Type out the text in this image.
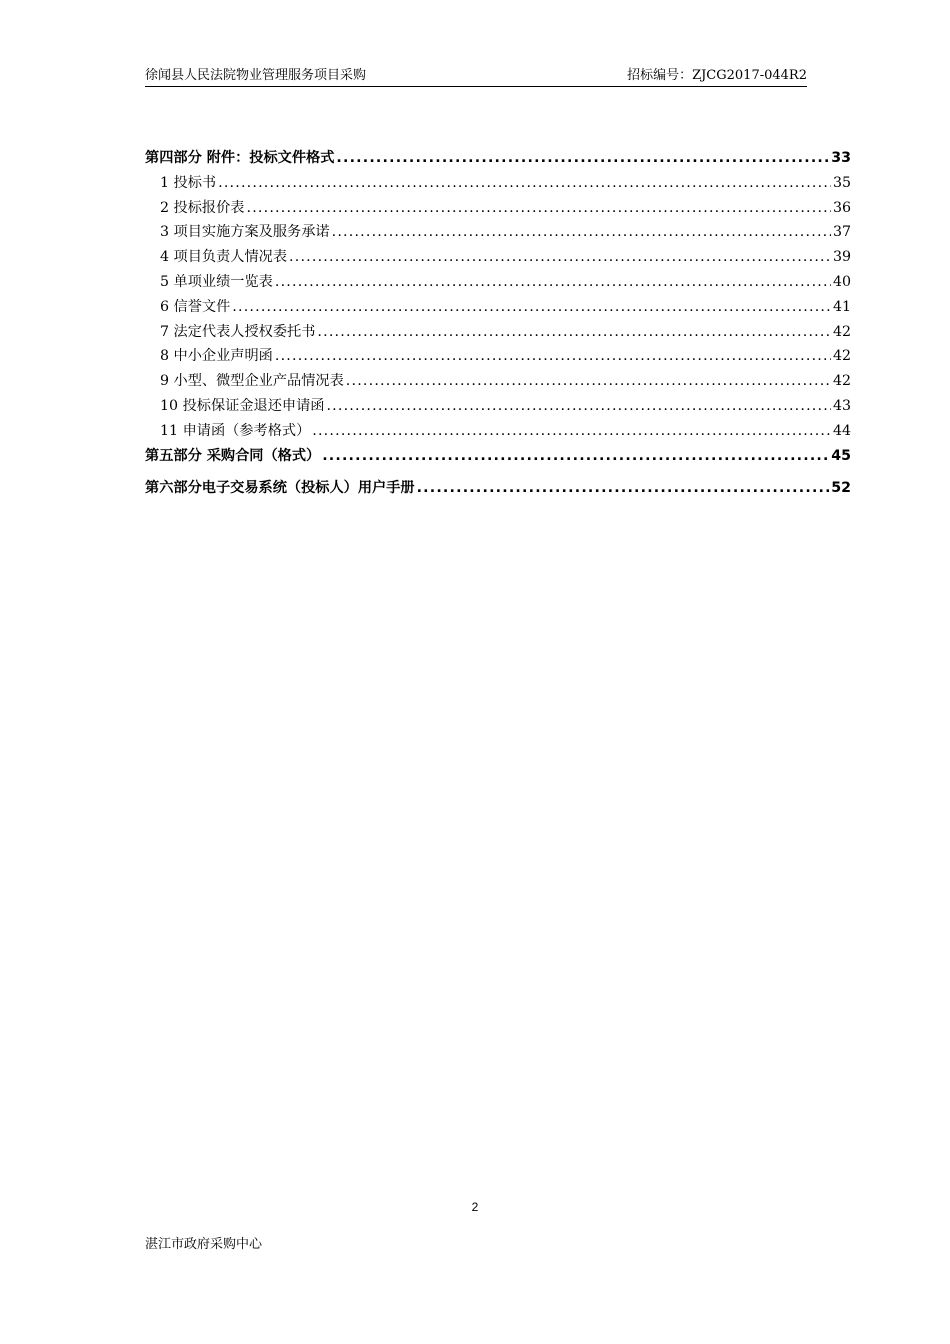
徐闻县人民法院物业管理服务项目采购	招标编号：ZJCG2017-044R2
第四部分 附件：投标文件格式 .....	33
1 投标书 .....	35
2 投标报价表 .....	36
3 项目实施方案及服务承诺 .....	37
4 项目负责人情况表 .....	39
5 单项业绩一览表 .....	40
6 信誉文件 .....	41
7 法定代表人授权委托书 .....	42
8 中小企业声明函 .....	42
9 小型、微型企业产品情况表 .....	42
10 投标保证金退还申请函 .....	43
11 申请函（参考格式） .....	44
第五部分 采购合同（格式） .....	45
第六部分电子交易系统（投标人）用户手册 .....	52
2
湛江市政府采购中心
